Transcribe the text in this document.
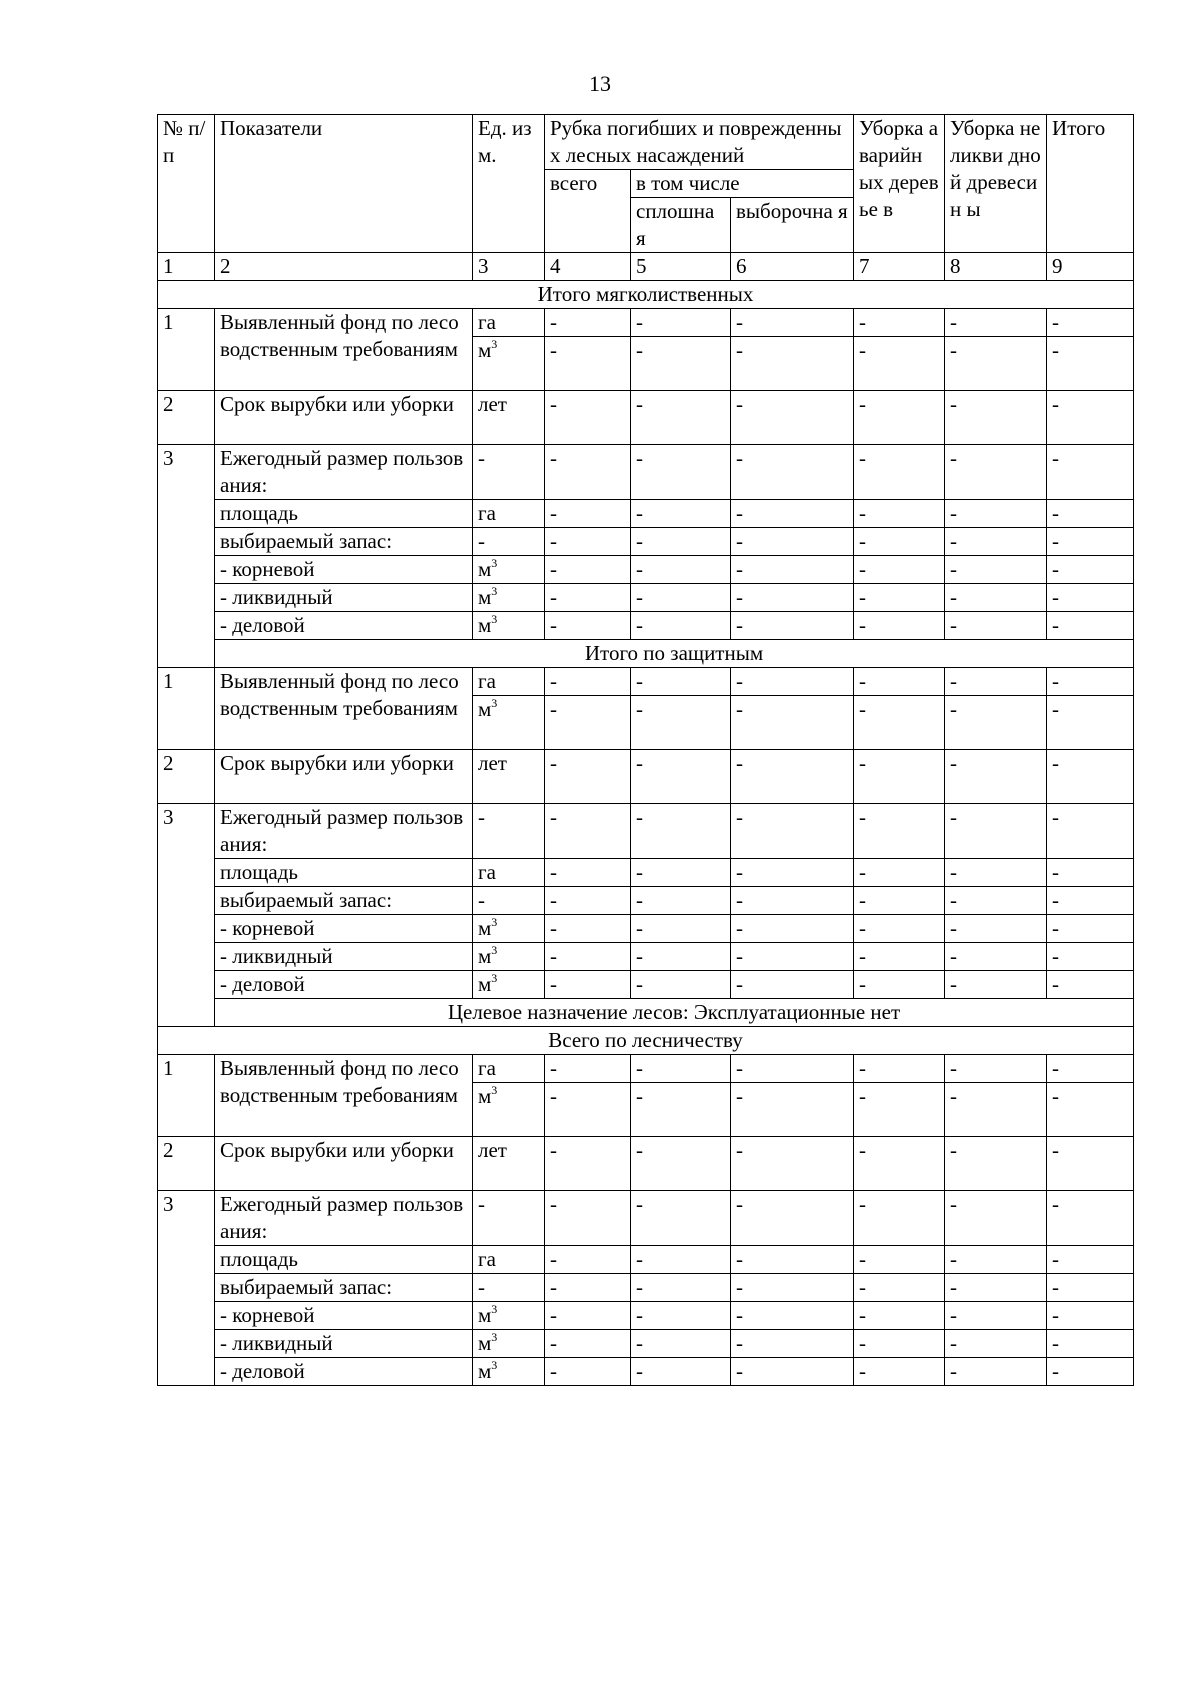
13
№ п/п	Показатели	Ед. изм.	Рубка погибших и поврежденных лесных насаждений			Уборка аварийн ых деревье в	Уборка неликви дной древесин ы	Итого
			всего	в том числе				
				сплошна я	выборочна я			
1	2	3	4	5	6	7	8	9
Итого мягколиственных								
1	Выявленный фонд по лесоводственным требованиям	га	-	-	-	-	-	-
		$м^3$	-	-	-	-	-	-
2	Срок вырубки или уборки	лет	-	-	-	-	-	-
3	Ежегодный размер пользования:	-	-	-	-	-	-	-
	площадь	га	-	-	-	-	-	-
	выбираемый запас:	-	-	-	-	-	-	-
	- корневой	$м^3$	-	-	-	-	-	-
	- ликвидный	$м^3$	-	-	-	-	-	-
	- деловой	$м^3$	-	-	-	-	-	-
	Итого по защитным							
1	Выявленный фонд по лесоводственным требованиям	га	-	-	-	-	-	-
		$м^3$	-	-	-	-	-	-
2	Срок вырубки или уборки	лет	-	-	-	-	-	-
3	Ежегодный размер пользования:	-	-	-	-	-	-	-
	площадь	га	-	-	-	-	-	-
	выбираемый запас:	-	-	-	-	-	-	-
	- корневой	$м^3$	-	-	-	-	-	-
	- ликвидный	$м^3$	-	-	-	-	-	-
	- деловой	$м^3$	-	-	-	-	-	-
	Целевое назначение лесов: Эксплуатационные нет							
Всего по лесничеству								
1	Выявленный фонд по лесоводственным требованиям	га	-	-	-	-	-	-
		$м^3$	-	-	-	-	-	-
2	Срок вырубки или уборки	лет	-	-	-	-	-	-
3	Ежегодный размер пользования:	-	-	-	-	-	-	-
	площадь	га	-	-	-	-	-	-
	выбираемый запас:	-	-	-	-	-	-	-
	- корневой	$м^3$	-	-	-	-	-	-
	- ликвидный	$м^3$	-	-	-	-	-	-
	- деловой	$м^3$	-	-	-	-	-	-
